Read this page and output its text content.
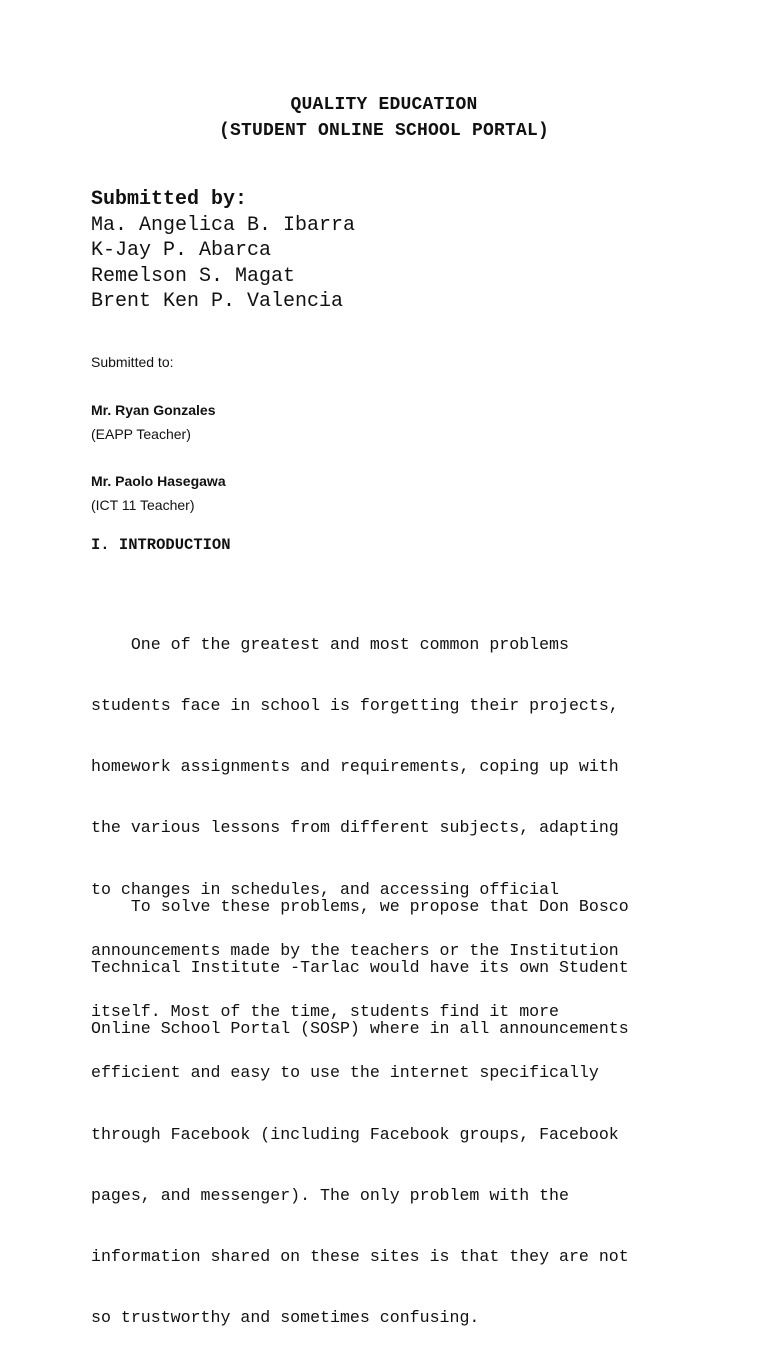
QUALITY EDUCATION
(STUDENT ONLINE SCHOOL PORTAL)
Submitted by:
Ma. Angelica B. Ibarra
K-Jay P. Abarca
Remelson S. Magat
Brent Ken P. Valencia
Submitted to:
Mr. Ryan Gonzales
(EAPP Teacher)
Mr. Paolo Hasegawa
(ICT 11 Teacher)
I. INTRODUCTION

One of the greatest and most common problems

students face in school is forgetting their projects,

homework assignments and requirements, coping up with

the various lessons from different subjects, adapting

to changes in schedules, and accessing official

announcements made by the teachers or the Institution

itself. Most of the time, students find it more

efficient and easy to use the internet specifically

through Facebook (including Facebook groups, Facebook

pages, and messenger). The only problem with the

information shared on these sites is that they are not

so trustworthy and sometimes confusing.

To solve these problems, we propose that Don Bosco

Technical Institute -Tarlac would have its own Student

Online School Portal (SOSP) where in all announcements
